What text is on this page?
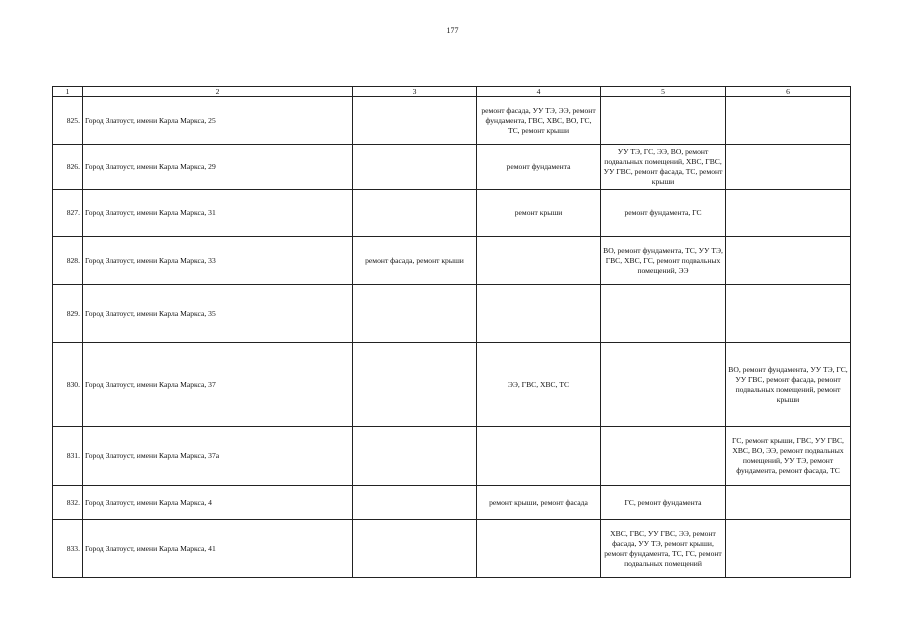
177
1	2	3	4	5	6
825.	Город Златоуст, имени Карла Маркса, 25		ремонт фасада, УУ ТЭ, ЭЭ, ремонт фундамента, ГВС, ХВС, ВО, ГС, ТС, ремонт крыши		
826.	Город Златоуст, имени Карла Маркса, 29		ремонт фундамента	УУ ТЭ, ГС, ЭЭ, ВО, ремонт подвальных помещений, ХВС, ГВС, УУ ГВС, ремонт фасада, ТС, ремонт крыши	
827.	Город Златоуст, имени Карла Маркса, 31		ремонт крыши	ремонт фундамента, ГС	
828.	Город Златоуст, имени Карла Маркса, 33	ремонт фасада, ремонт крыши		ВО, ремонт фундамента, ТС, УУ ТЭ, ГВС, ХВС, ГС, ремонт подвальных помещений, ЭЭ	
829.	Город Златоуст, имени Карла Маркса, 35				
830.	Город Златоуст, имени Карла Маркса, 37		ЭЭ, ГВС, ХВС, ТС		ВО, ремонт фундамента, УУ ТЭ, ГС, УУ ГВС, ремонт фасада, ремонт подвальных помещений, ремонт крыши
831.	Город Златоуст, имени Карла Маркса, 37а				ГС, ремонт крыши, ГВС, УУ ГВС, ХВС, ВО, ЭЭ, ремонт подвальных помещений, УУ ТЭ, ремонт фундамента, ремонт фасада, ТС
832.	Город Златоуст, имени Карла Маркса, 4		ремонт крыши, ремонт фасада	ГС, ремонт фундамента	
833.	Город Златоуст, имени Карла Маркса, 41			ХВС, ГВС, УУ ГВС, ЭЭ, ремонт фасада, УУ ТЭ, ремонт крыши, ремонт фундамента, ТС, ГС, ремонт подвальных помещений	
